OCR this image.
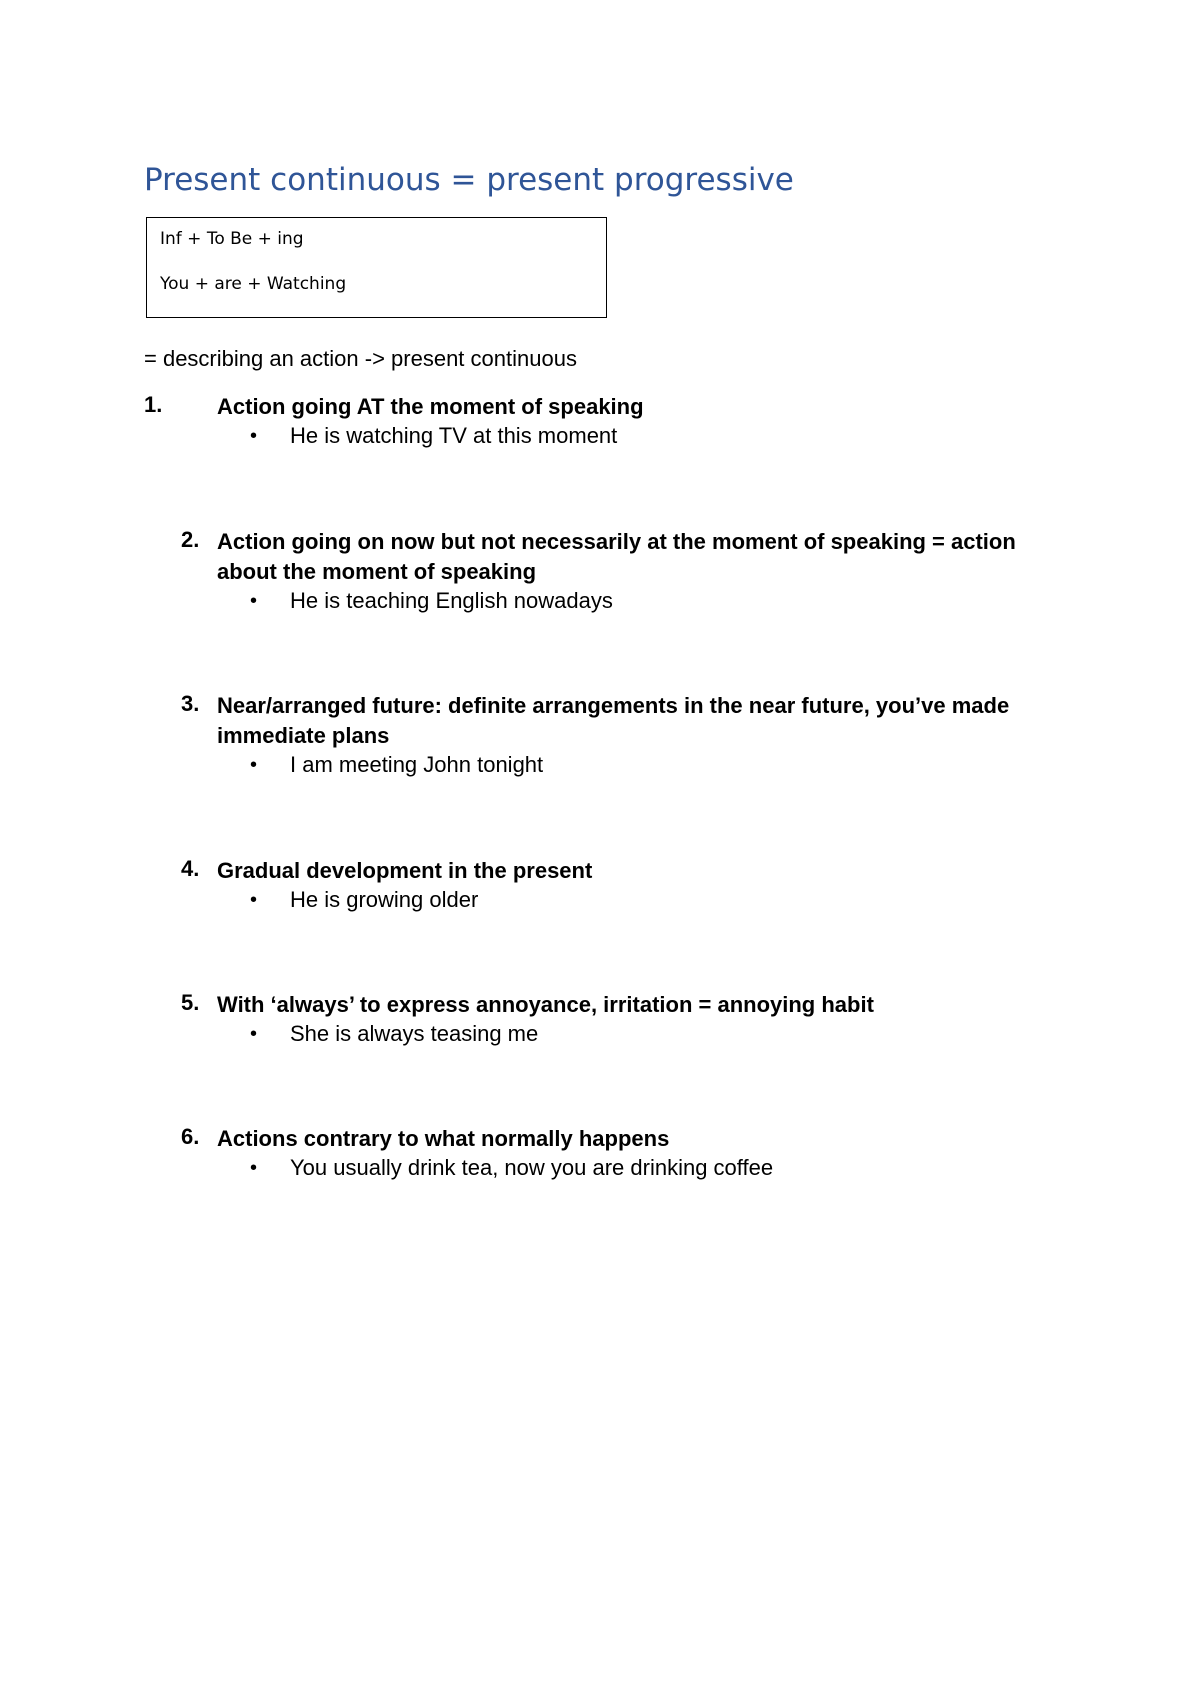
Present continuous = present progressive
Inf + To Be + ing
You + are + Watching
= describing an action -> present continuous
1. Action going AT the moment of speaking
• He is watching TV at this moment
2. Action going on now but not necessarily at the moment of speaking = action about the moment of speaking
• He is teaching English nowadays
3. Near/arranged future: definite arrangements in the near future, you’ve made immediate plans
• I am meeting John tonight
4. Gradual development in the present
• He is growing older
5. With ‘always’ to express annoyance, irritation = annoying habit
• She is always teasing me
6. Actions contrary to what normally happens
• You usually drink tea, now you are drinking coffee
